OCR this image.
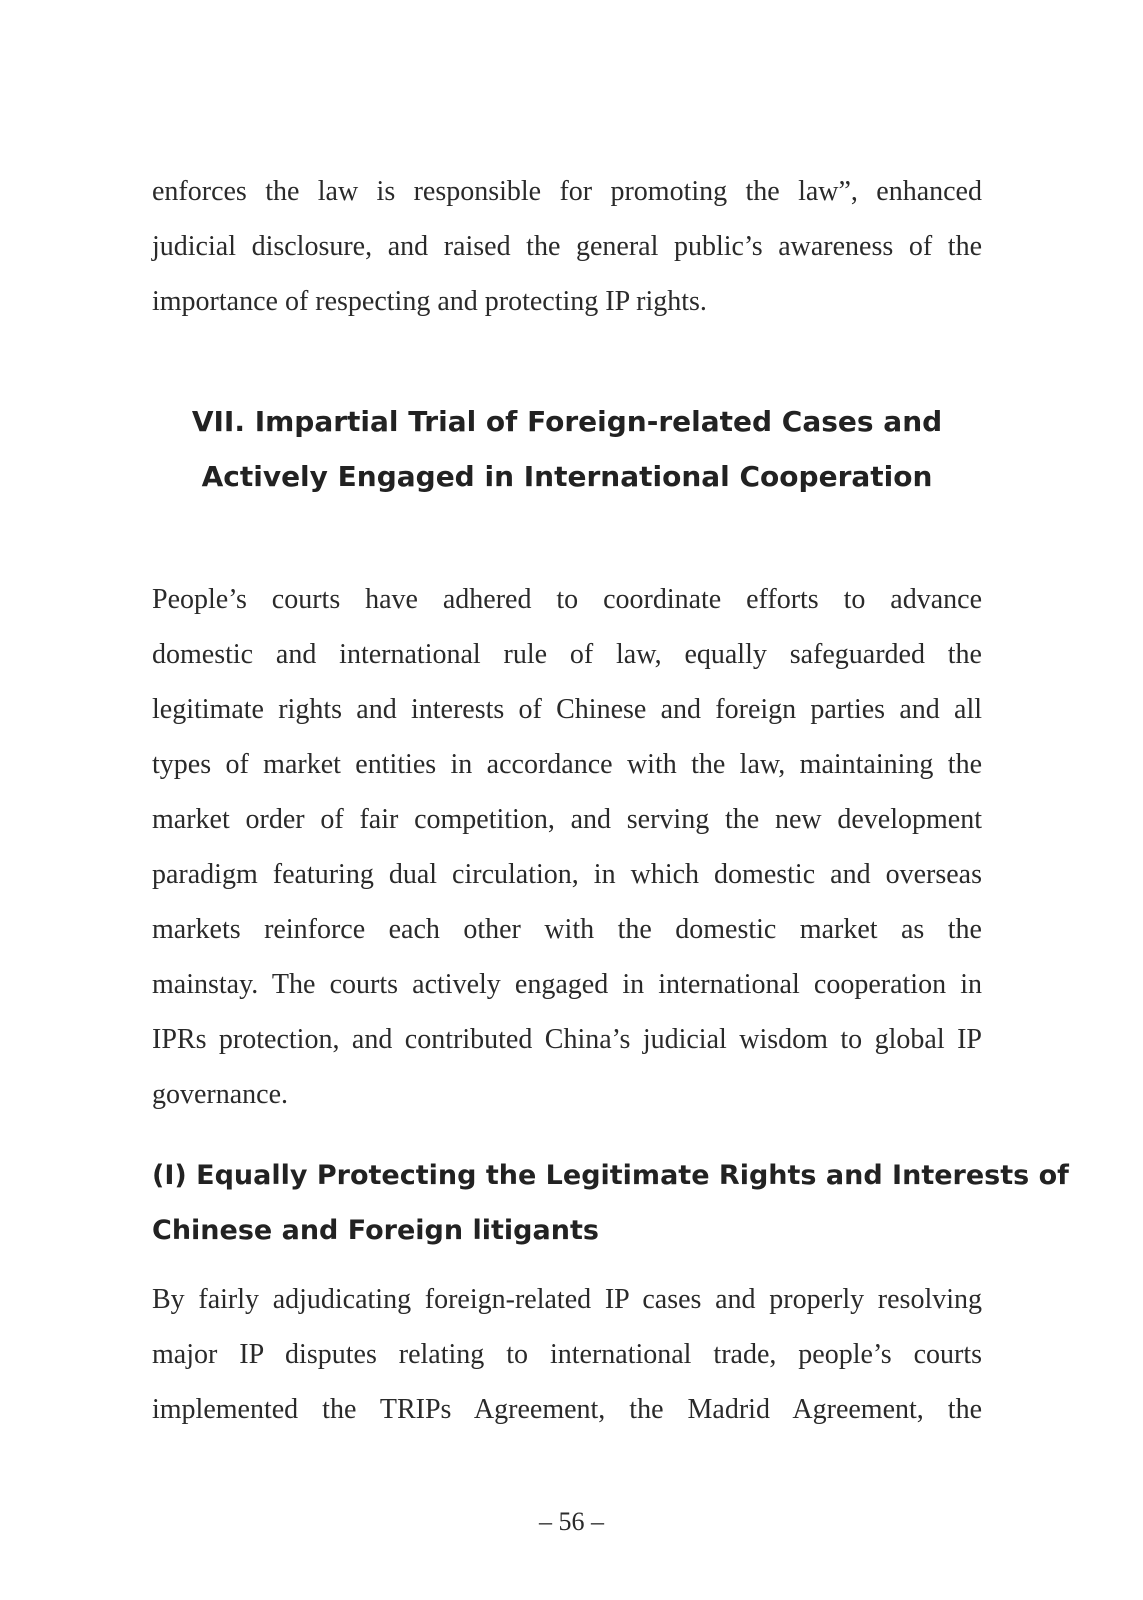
enforces the law is responsible for promoting the law”, enhanced
judicial disclosure, and raised the general public’s awareness of the
importance of respecting and protecting IP rights.
VII. Impartial Trial of Foreign-related Cases and
Actively Engaged in International Cooperation
People’s courts have adhered to coordinate efforts to advance
domestic and international rule of law, equally safeguarded the
legitimate rights and interests of Chinese and foreign parties and all
types of market entities in accordance with the law, maintaining the
market order of fair competition, and serving the new development
paradigm featuring dual circulation, in which domestic and overseas
markets reinforce each other with the domestic market as the
mainstay. The courts actively engaged in international cooperation in
IPRs protection, and contributed China’s judicial wisdom to global IP
governance.
(I) Equally Protecting the Legitimate Rights and Interests of
Chinese and Foreign litigants
By fairly adjudicating foreign-related IP cases and properly resolving
major IP disputes relating to international trade, people’s courts
implemented the TRIPs Agreement, the Madrid Agreement, the
– 56 –
